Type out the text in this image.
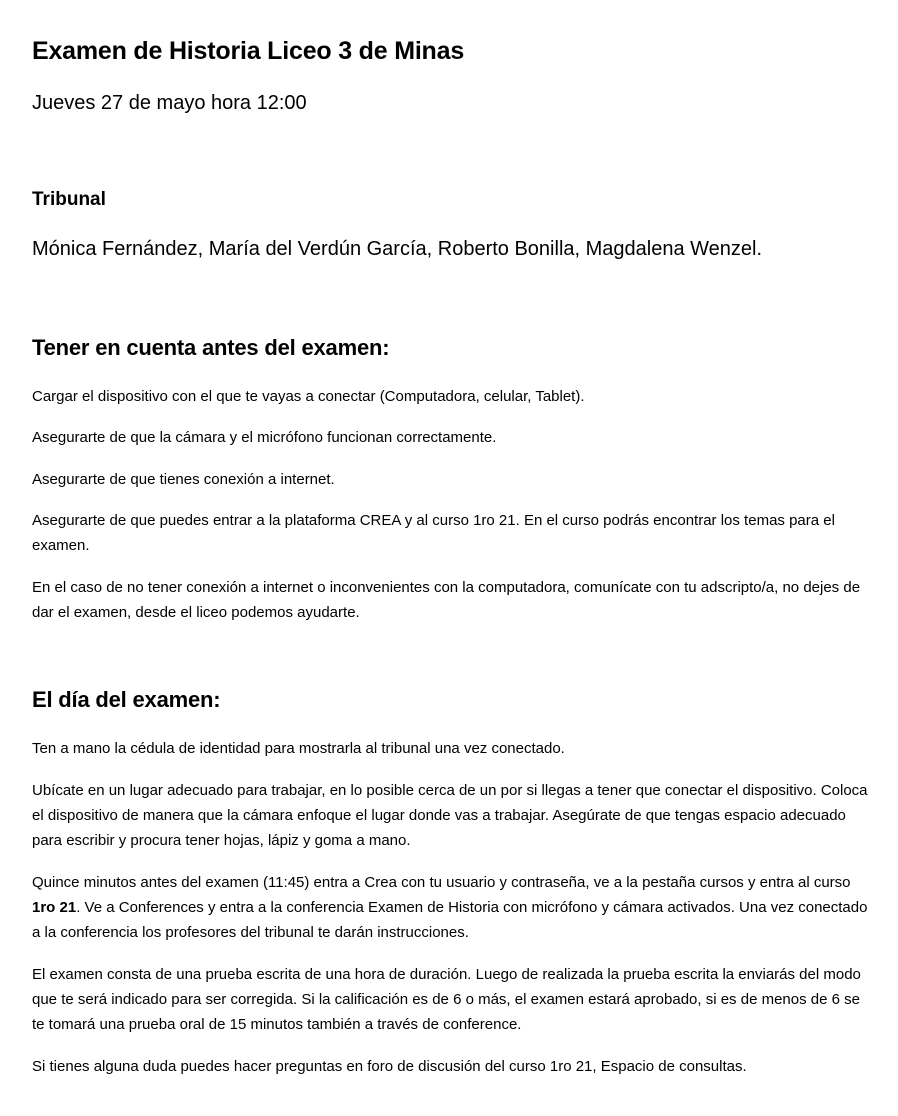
Examen de Historia Liceo 3 de Minas
Jueves 27 de mayo hora 12:00
Tribunal
Mónica Fernández, María del Verdún García, Roberto Bonilla, Magdalena Wenzel.
Tener en cuenta antes del examen:
Cargar el dispositivo con el que te vayas a conectar (Computadora, celular, Tablet).
Asegurarte de que la cámara y el micrófono funcionan correctamente.
Asegurarte de que tienes conexión a internet.
Asegurarte de que puedes entrar a la plataforma CREA y al curso 1ro 21. En el curso podrás encontrar los temas para el examen.
En el caso de no tener conexión a internet o inconvenientes con la computadora, comunícate con tu adscripto/a, no dejes de dar el examen, desde el liceo podemos ayudarte.
El día del examen:
Ten a mano la cédula de identidad para mostrarla al tribunal una vez conectado.
Ubícate en un lugar adecuado para trabajar, en lo posible cerca de un por si llegas a tener que conectar el dispositivo. Coloca el dispositivo de manera que la cámara enfoque el lugar donde vas a trabajar. Asegúrate de que tengas espacio adecuado para escribir y procura tener hojas, lápiz y goma a mano.
Quince minutos antes del examen (11:45) entra a Crea con tu usuario y contraseña, ve a la pestaña cursos y entra al curso 1ro 21. Ve a Conferences y entra a la conferencia Examen de Historia con micrófono y cámara activados. Una vez conectado a la conferencia los profesores del tribunal te darán instrucciones.
El examen consta de una prueba escrita de una hora de duración. Luego de realizada la prueba escrita la enviarás del modo que te será indicado para ser corregida. Si la calificación es de 6 o más, el examen estará aprobado, si es de menos de 6 se te tomará una prueba oral de 15 minutos también a través de conference.
Si tienes alguna duda puedes hacer preguntas en foro de discusión del curso 1ro 21, Espacio de consultas.
